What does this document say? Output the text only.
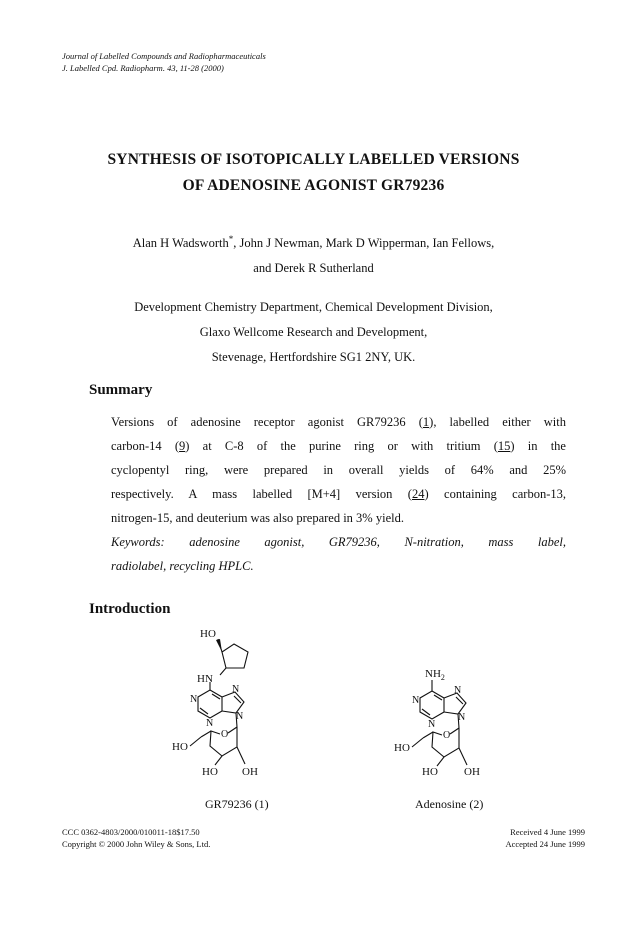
Journal of Labelled Compounds and Radiopharmaceuticals
J. Labelled Cpd. Radiopharm. 43, 11-28 (2000)
SYNTHESIS OF ISOTOPICALLY LABELLED VERSIONS
OF ADENOSINE AGONIST GR79236
Alan H Wadsworth*, John J Newman, Mark D Wipperman, Ian Fellows,
and Derek R Sutherland
Development Chemistry Department, Chemical Development Division,
Glaxo Wellcome Research and Development,
Stevenage, Hertfordshire SG1 2NY, UK.
Summary
Versions of adenosine receptor agonist GR79236 (1), labelled either with
carbon-14 (9) at C-8 of the purine ring or with tritium (15) in the
cyclopentyl ring, were prepared in overall yields of 64% and 25%
respectively. A mass labelled [M+4] version (24) containing carbon-13,
nitrogen-15, and deuterium was also prepared in 3% yield.
Keywords: adenosine agonist, GR79236, N-nitration, mass label,
radiolabel, recycling HPLC.
Introduction
HO
HN
N
N
N
N
O
HO
HO OH
GR79236 (1)
$NH_2$
N
N
N
N
O
HO
HO OH
Adenosine (2)
CCC 0362-4803/2000/010011-18$17.50
Copyright © 2000 John Wiley & Sons, Ltd.
Received 4 June 1999
Accepted 24 June 1999
